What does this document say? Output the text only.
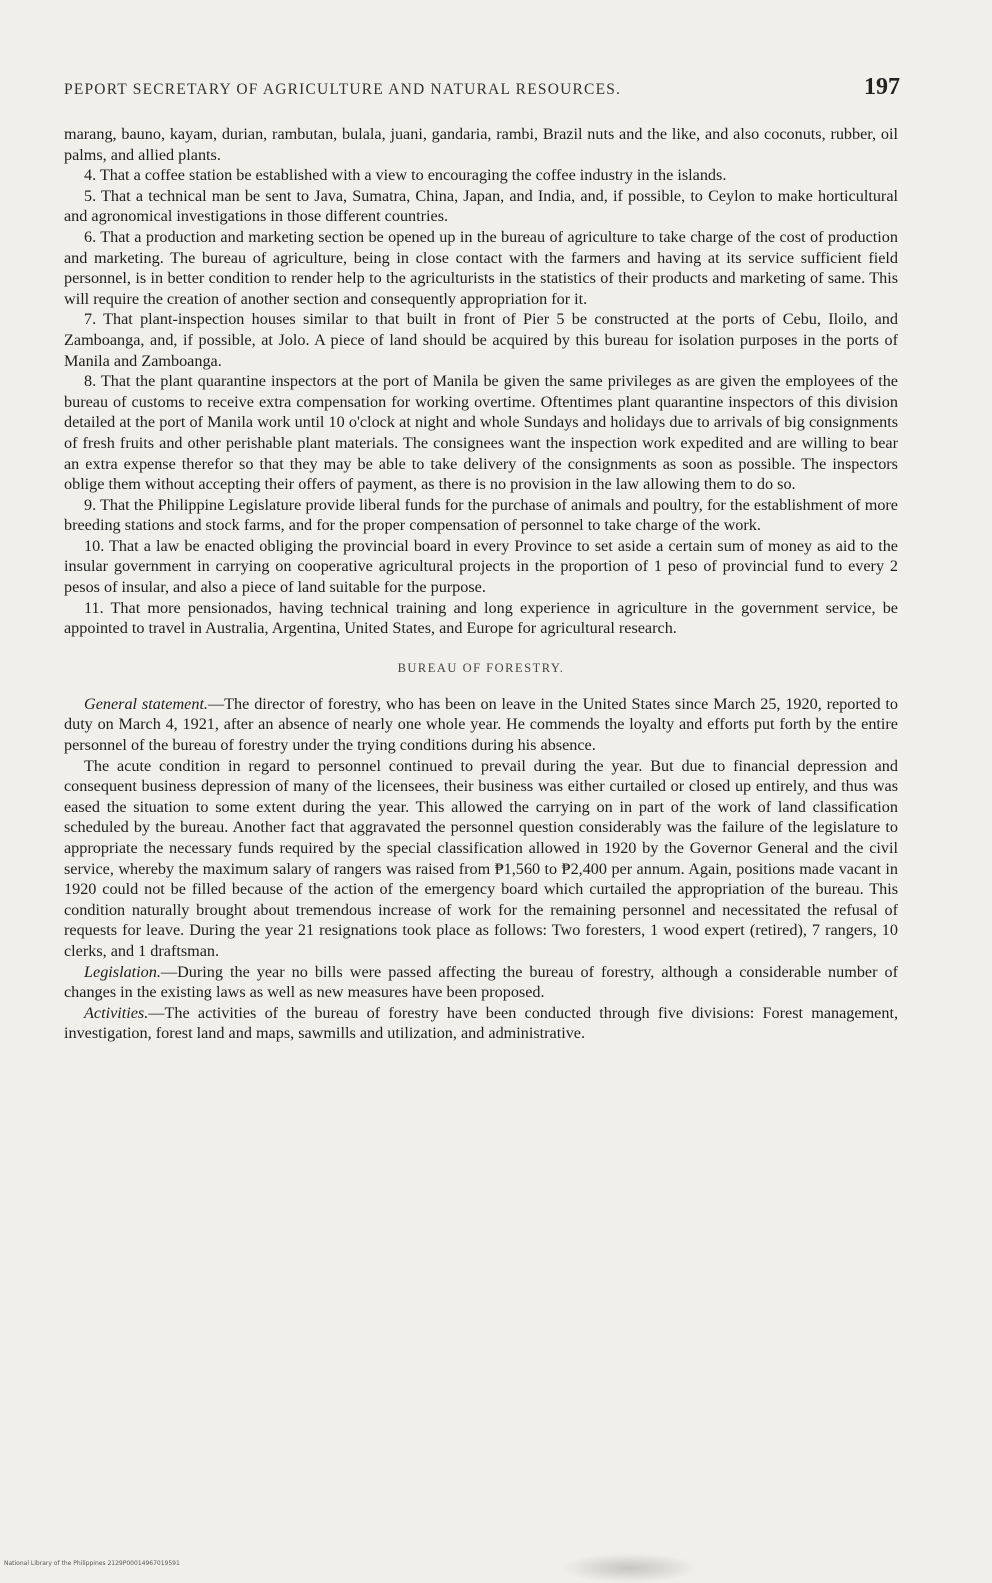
PEPORT SECRETARY OF AGRICULTURE AND NATURAL RESOURCES.	197

marang, bauno, kayam, durian, rambutan, bulala, juani, gandaria, rambi, Brazil nuts and the like, and also coconuts, rubber, oil palms, and allied plants.

4. That a coffee station be established with a view to encouraging the coffee industry in the islands.

5. That a technical man be sent to Java, Sumatra, China, Japan, and India, and, if possible, to Ceylon to make horticultural and agronomical investigations in those different countries.

6. That a production and marketing section be opened up in the bureau of agriculture to take charge of the cost of production and marketing. The bureau of agriculture, being in close contact with the farmers and having at its service sufficient field personnel, is in better condition to render help to the agriculturists in the statistics of their products and marketing of same. This will require the creation of another section and consequently appropriation for it.

7. That plant-inspection houses similar to that built in front of Pier 5 be constructed at the ports of Cebu, Iloilo, and Zamboanga, and, if possible, at Jolo. A piece of land should be acquired by this bureau for isolation purposes in the ports of Manila and Zamboanga.

8. That the plant quarantine inspectors at the port of Manila be given the same privileges as are given the employees of the bureau of customs to receive extra compensation for working overtime. Oftentimes plant quarantine inspectors of this division detailed at the port of Manila work until 10 o'clock at night and whole Sundays and holidays due to arrivals of big consignments of fresh fruits and other perishable plant materials. The consignees want the inspection work expedited and are willing to bear an extra expense therefor so that they may be able to take delivery of the consignments as soon as possible. The inspectors oblige them without accepting their offers of payment, as there is no provision in the law allowing them to do so.

9. That the Philippine Legislature provide liberal funds for the purchase of animals and poultry, for the establishment of more breeding stations and stock farms, and for the proper compensation of personnel to take charge of the work.

10. That a law be enacted obliging the provincial board in every Province to set aside a certain sum of money as aid to the insular government in carrying on cooperative agricultural projects in the proportion of 1 peso of provincial fund to every 2 pesos of insular, and also a piece of land suitable for the purpose.

11. That more pensionados, having technical training and long experience in agriculture in the government service, be appointed to travel in Australia, Argentina, United States, and Europe for agricultural research.

BUREAU OF FORESTRY.

General statement.—The director of forestry, who has been on leave in the United States since March 25, 1920, reported to duty on March 4, 1921, after an absence of nearly one whole year. He commends the loyalty and efforts put forth by the entire personnel of the bureau of forestry under the trying conditions during his absence.

The acute condition in regard to personnel continued to prevail during the year. But due to financial depression and consequent business depression of many of the licensees, their business was either curtailed or closed up entirely, and thus was eased the situation to some extent during the year. This allowed the carrying on in part of the work of land classification scheduled by the bureau. Another fact that aggravated the personnel question considerably was the failure of the legislature to appropriate the necessary funds required by the special classification allowed in 1920 by the Governor General and the civil service, whereby the maximum salary of rangers was raised from ₱1,560 to ₱2,400 per annum. Again, positions made vacant in 1920 could not be filled because of the action of the emergency board which curtailed the appropriation of the bureau. This condition naturally brought about tremendous increase of work for the remaining personnel and necessitated the refusal of requests for leave. During the year 21 resignations took place as follows: Two foresters, 1 wood expert (retired), 7 rangers, 10 clerks, and 1 draftsman.

Legislation.—During the year no bills were passed affecting the bureau of forestry, although a considerable number of changes in the existing laws as well as new measures have been proposed.

Activities.—The activities of the bureau of forestry have been conducted through five divisions: Forest management, investigation, forest land and maps, sawmills and utilization, and administrative.

National Library of the Philippines 2129P00014967019591
